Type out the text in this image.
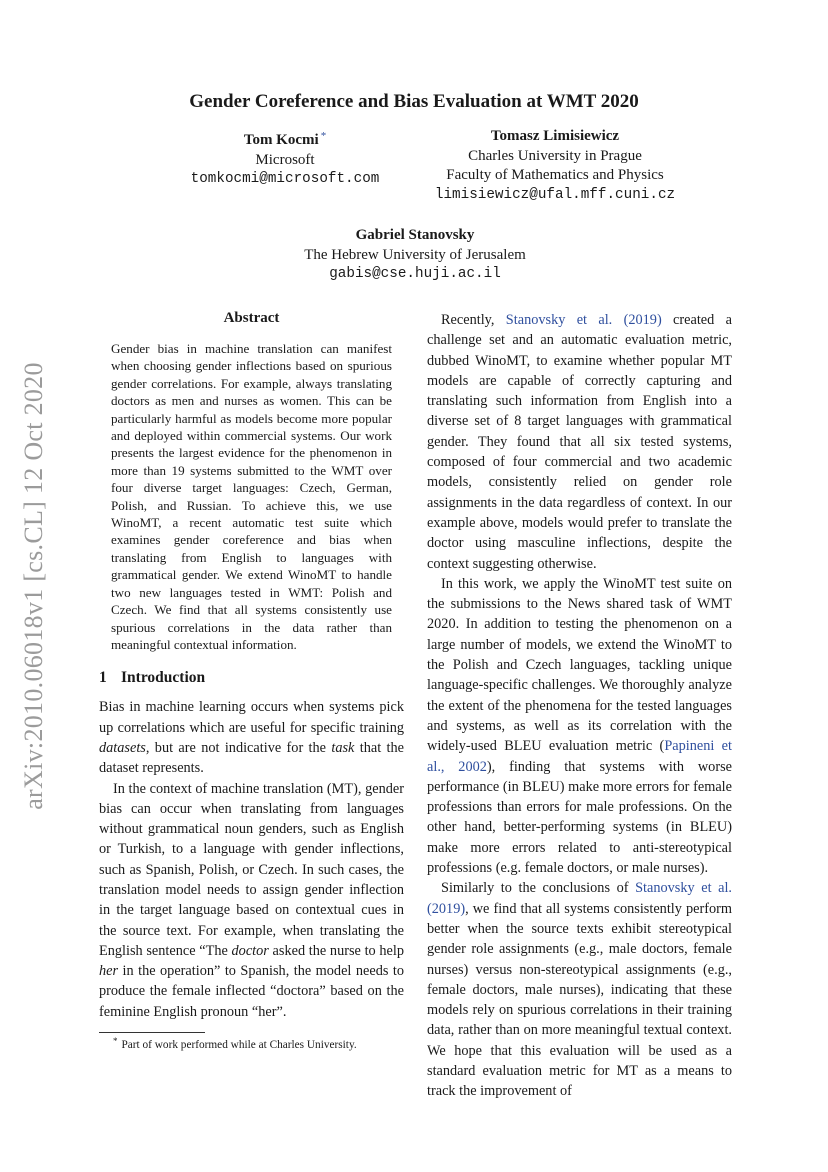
arXiv:2010.06018v1 [cs.CL] 12 Oct 2020
Gender Coreference and Bias Evaluation at WMT 2020
Tom Kocmi *
Microsoft
tomkocmi@microsoft.com
Tomasz Limisiewicz
Charles University in Prague
Faculty of Mathematics and Physics
limisiewicz@ufal.mff.cuni.cz
Gabriel Stanovsky
The Hebrew University of Jerusalem
gabis@cse.huji.ac.il
Abstract
Gender bias in machine translation can manifest when choosing gender inflections based on spurious gender correlations. For example, always translating doctors as men and nurses as women. This can be particularly harmful as models become more popular and deployed within commercial systems. Our work presents the largest evidence for the phenomenon in more than 19 systems submitted to the WMT over four diverse target languages: Czech, German, Polish, and Russian. To achieve this, we use WinoMT, a recent automatic test suite which examines gender coreference and bias when translating from English to languages with grammatical gender. We extend WinoMT to handle two new languages tested in WMT: Polish and Czech. We find that all systems consistently use spurious correlations in the data rather than meaningful contextual information.
1 Introduction

Bias in machine learning occurs when systems pick up correlations which are useful for specific training datasets, but are not indicative for the task that the dataset represents.

In the context of machine translation (MT), gender bias can occur when translating from languages without grammatical noun genders, such as English or Turkish, to a language with gender inflections, such as Spanish, Polish, or Czech. In such cases, the translation model needs to assign gender inflection in the target language based on contextual cues in the source text. For example, when translating the English sentence “The doctor asked the nurse to help her in the operation” to Spanish, the model needs to produce the female inflected “doctora” based on the feminine English pronoun “her”.

* Part of work performed while at Charles University.

Recently, Stanovsky et al. (2019) created a challenge set and an automatic evaluation metric, dubbed WinoMT, to examine whether popular MT models are capable of correctly capturing and translating such information from English into a diverse set of 8 target languages with grammatical gender. They found that all six tested systems, composed of four commercial and two academic models, consistently relied on gender role assignments in the data regardless of context. In our example above, models would prefer to translate the doctor using masculine inflections, despite the context suggesting otherwise.

In this work, we apply the WinoMT test suite on the submissions to the News shared task of WMT 2020. In addition to testing the phenomenon on a large number of models, we extend the WinoMT to the Polish and Czech languages, tackling unique language-specific challenges. We thoroughly analyze the extent of the phenomena for the tested languages and systems, as well as its correlation with the widely-used BLEU evaluation metric (Papineni et al., 2002), finding that systems with worse performance (in BLEU) make more errors for female professions than errors for male professions. On the other hand, better-performing systems (in BLEU) make more errors related to anti-stereotypical professions (e.g. female doctors, or male nurses).

Similarly to the conclusions of Stanovsky et al. (2019), we find that all systems consistently perform better when the source texts exhibit stereotypical gender role assignments (e.g., male doctors, female nurses) versus non-stereotypical assignments (e.g., female doctors, male nurses), indicating that these models rely on spurious correlations in their training data, rather than on more meaningful textual context. We hope that this evaluation will be used as a standard evaluation metric for MT as a means to track the improvement of
